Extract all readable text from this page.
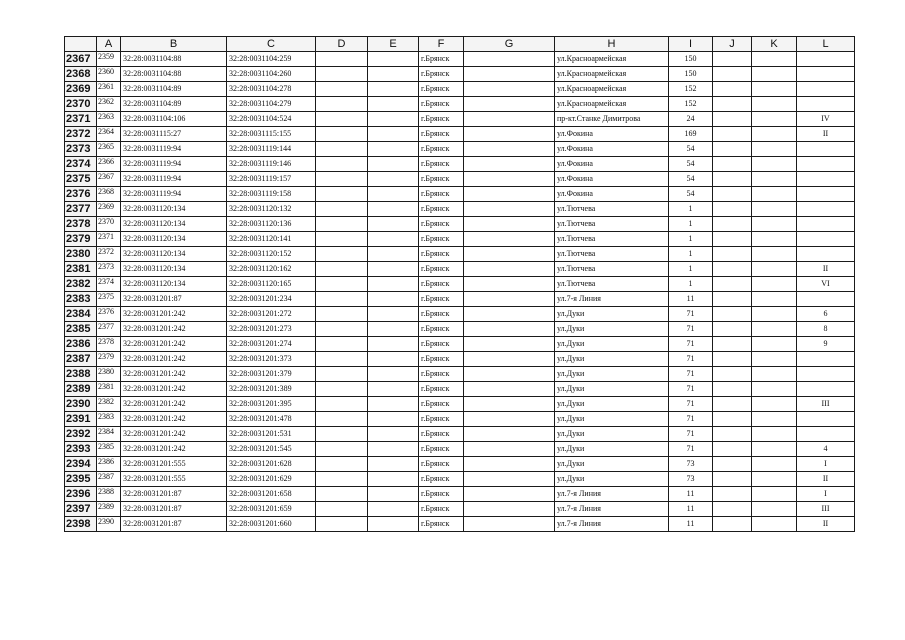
	A	B	C	D	E	F	G	H	I	J	K	L
2367	2359	32:28:0031104:88	32:28:0031104:259			г.Брянск		ул.Красноармейская	150			
2368	2360	32:28:0031104:88	32:28:0031104:260			г.Брянск		ул.Красноармейская	150			
2369	2361	32:28:0031104:89	32:28:0031104:278			г.Брянск		ул.Красноармейская	152			
2370	2362	32:28:0031104:89	32:28:0031104:279			г.Брянск		ул.Красноармейская	152			
2371	2363	32:28:0031104:106	32:28:0031104:524			г.Брянск		пр-кт.Станке Димитрова	24			IV
2372	2364	32:28:0031115:27	32:28:0031115:155			г.Брянск		ул.Фокина	169			II
2373	2365	32:28:0031119:94	32:28:0031119:144			г.Брянск		ул.Фокина	54			
2374	2366	32:28:0031119:94	32:28:0031119:146			г.Брянск		ул.Фокина	54			
2375	2367	32:28:0031119:94	32:28:0031119:157			г.Брянск		ул.Фокина	54			
2376	2368	32:28:0031119:94	32:28:0031119:158			г.Брянск		ул.Фокина	54			
2377	2369	32:28:0031120:134	32:28:0031120:132			г.Брянск		ул.Тютчева	1			
2378	2370	32:28:0031120:134	32:28:0031120:136			г.Брянск		ул.Тютчева	1			
2379	2371	32:28:0031120:134	32:28:0031120:141			г.Брянск		ул.Тютчева	1			
2380	2372	32:28:0031120:134	32:28:0031120:152			г.Брянск		ул.Тютчева	1			
2381	2373	32:28:0031120:134	32:28:0031120:162			г.Брянск		ул.Тютчева	1			II
2382	2374	32:28:0031120:134	32:28:0031120:165			г.Брянск		ул.Тютчева	1			VI
2383	2375	32:28:0031201:87	32:28:0031201:234			г.Брянск		ул.7-я Линия	11			
2384	2376	32:28:0031201:242	32:28:0031201:272			г.Брянск		ул.Дуки	71			6
2385	2377	32:28:0031201:242	32:28:0031201:273			г.Брянск		ул.Дуки	71			8
2386	2378	32:28:0031201:242	32:28:0031201:274			г.Брянск		ул.Дуки	71			9
2387	2379	32:28:0031201:242	32:28:0031201:373			г.Брянск		ул.Дуки	71			
2388	2380	32:28:0031201:242	32:28:0031201:379			г.Брянск		ул.Дуки	71			
2389	2381	32:28:0031201:242	32:28:0031201:389			г.Брянск		ул.Дуки	71			
2390	2382	32:28:0031201:242	32:28:0031201:395			г.Брянск		ул.Дуки	71			III
2391	2383	32:28:0031201:242	32:28:0031201:478			г.Брянск		ул.Дуки	71			
2392	2384	32:28:0031201:242	32:28:0031201:531			г.Брянск		ул.Дуки	71			
2393	2385	32:28:0031201:242	32:28:0031201:545			г.Брянск		ул.Дуки	71			4
2394	2386	32:28:0031201:555	32:28:0031201:628			г.Брянск		ул.Дуки	73			I
2395	2387	32:28:0031201:555	32:28:0031201:629			г.Брянск		ул.Дуки	73			II
2396	2388	32:28:0031201:87	32:28:0031201:658			г.Брянск		ул.7-я Линия	11			I
2397	2389	32:28:0031201:87	32:28:0031201:659			г.Брянск		ул.7-я Линия	11			III
2398	2390	32:28:0031201:87	32:28:0031201:660			г.Брянск		ул.7-я Линия	11			II
